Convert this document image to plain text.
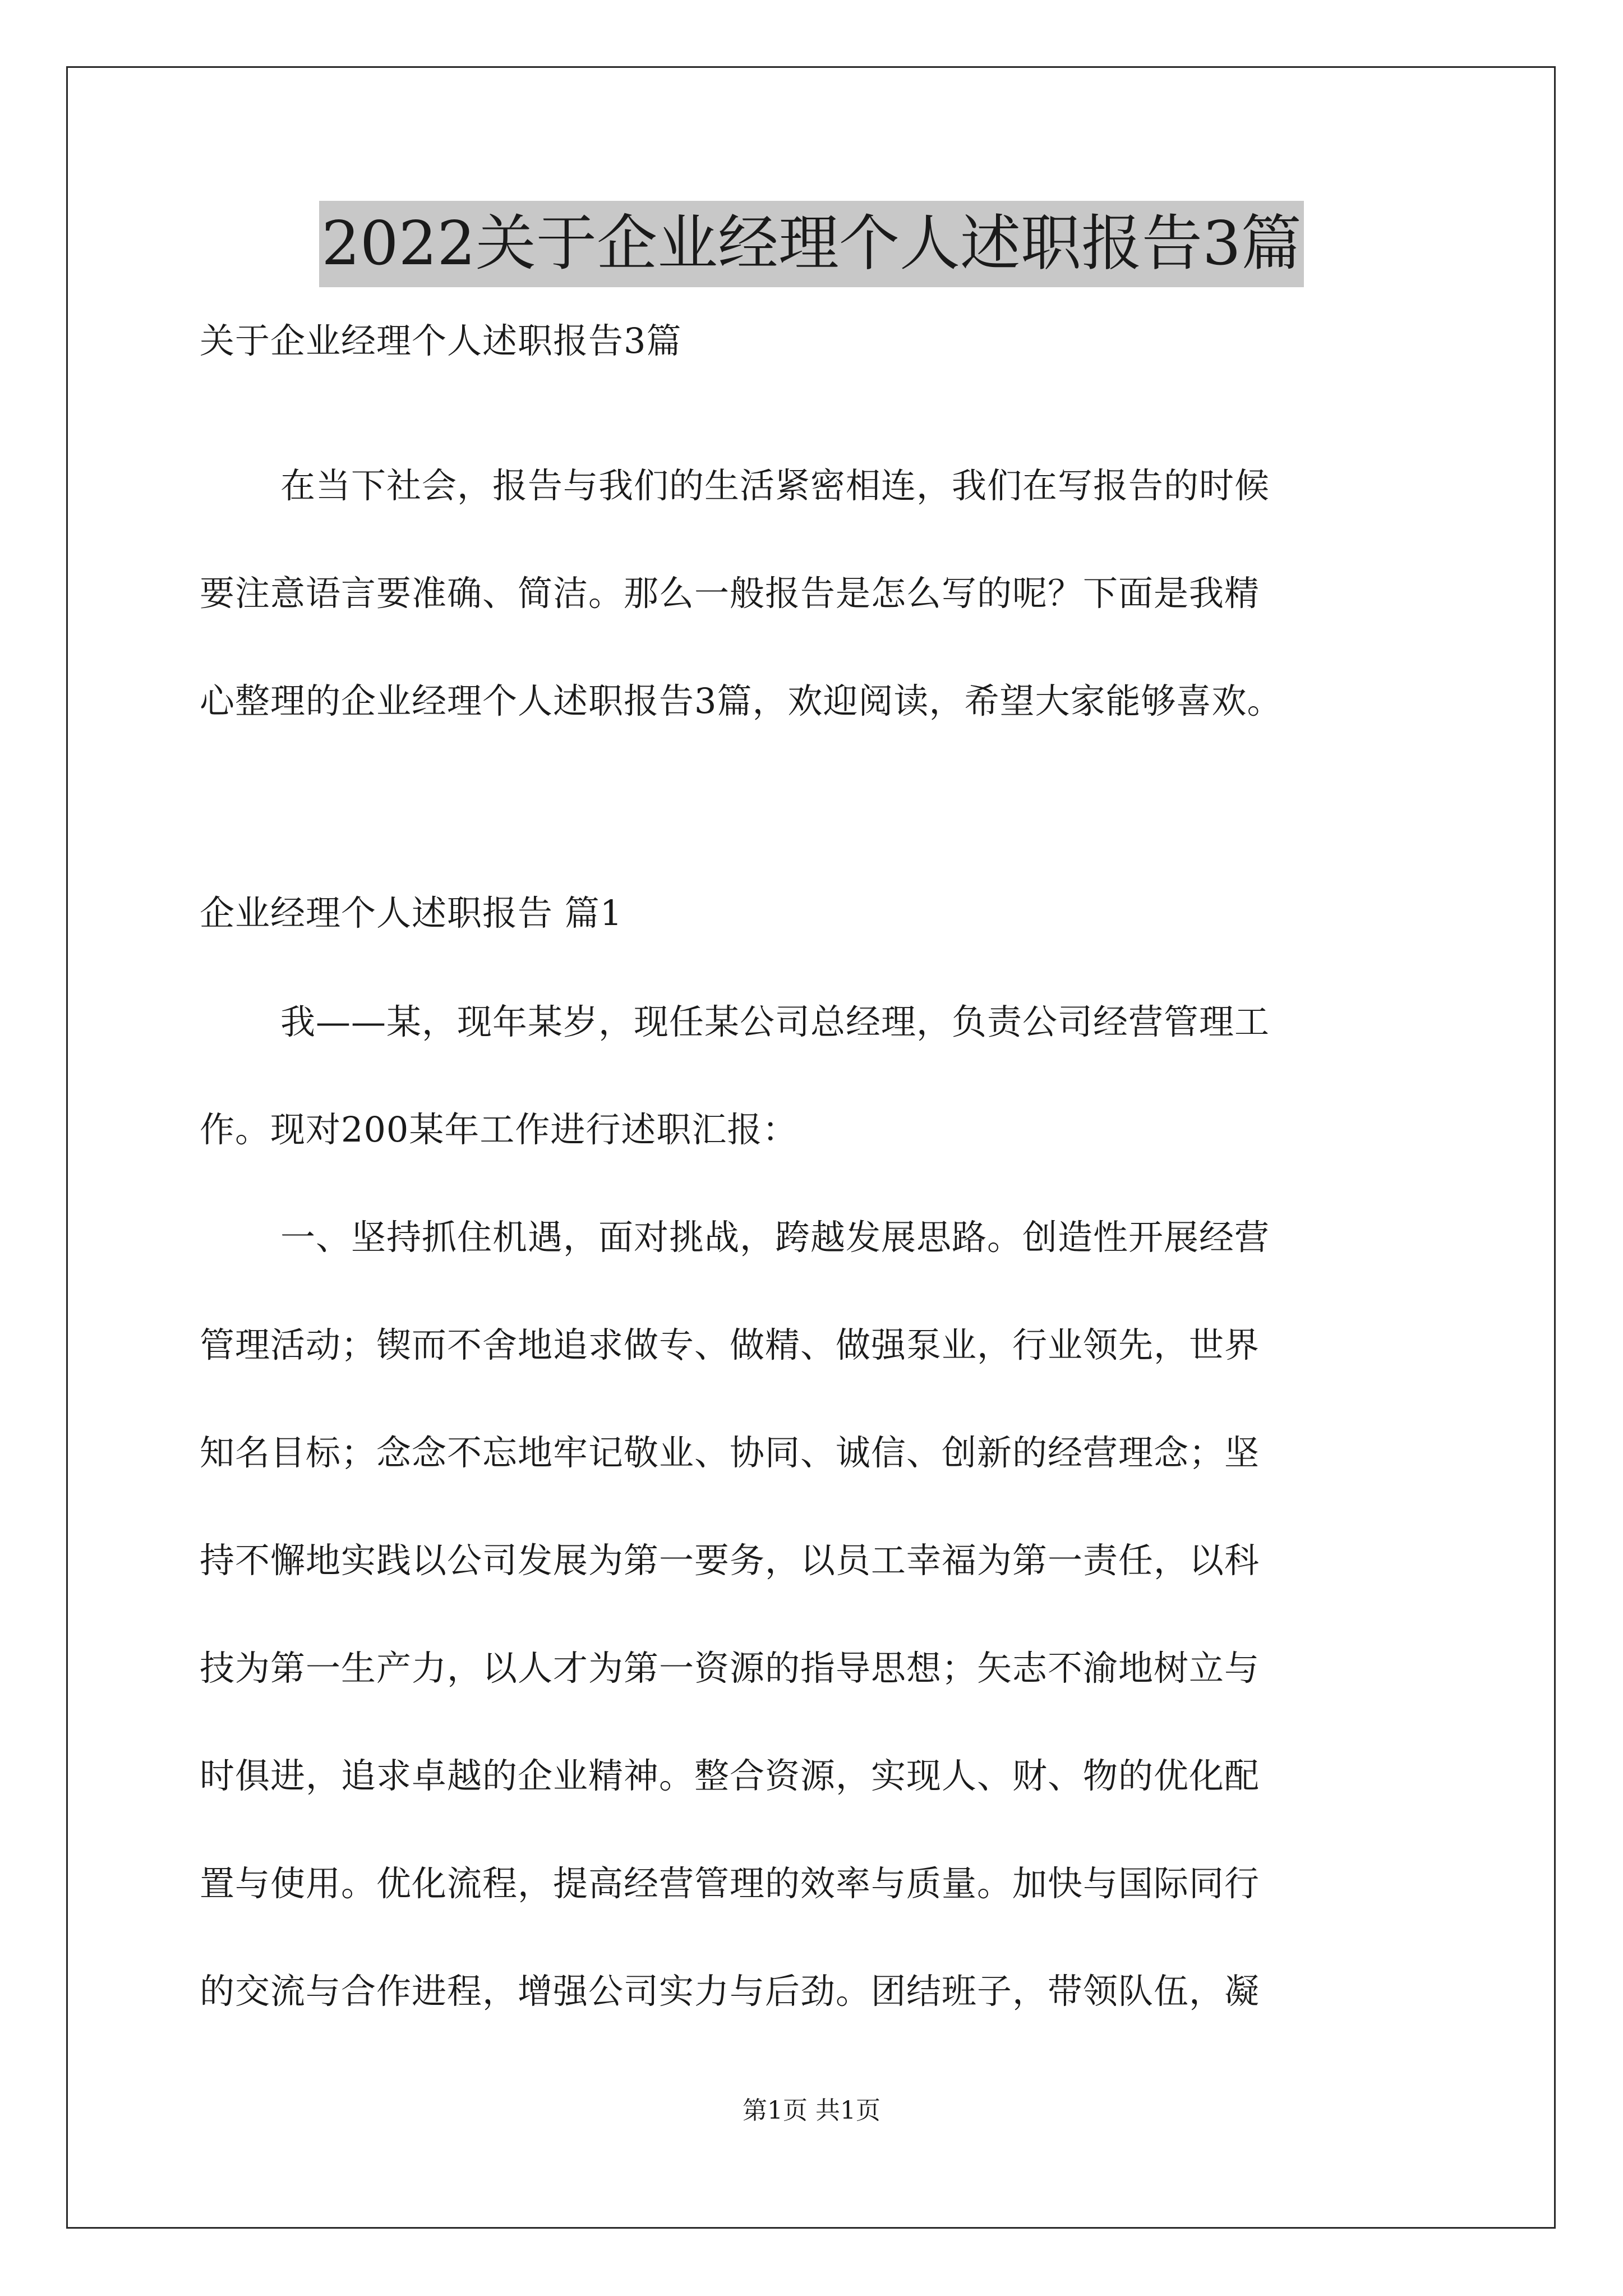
2022关于企业经理个人述职报告3篇
关于企业经理个人述职报告3篇
在当下社会，报告与我们的生活紧密相连，我们在写报告的时候
要注意语言要准确、简洁。那么一般报告是怎么写的呢？下面是我精
心整理的企业经理个人述职报告3篇，欢迎阅读，希望大家能够喜欢。
企业经理个人述职报告 篇1
我——某，现年某岁，现任某公司总经理，负责公司经营管理工
作。现对200某年工作进行述职汇报：
一、坚持抓住机遇，面对挑战，跨越发展思路。创造性开展经营
管理活动；锲而不舍地追求做专、做精、做强泵业，行业领先，世界
知名目标；念念不忘地牢记敬业、协同、诚信、创新的经营理念；坚
持不懈地实践以公司发展为第一要务，以员工幸福为第一责任，以科
技为第一生产力，以人才为第一资源的指导思想；矢志不渝地树立与
时俱进，追求卓越的企业精神。整合资源，实现人、财、物的优化配
置与使用。优化流程，提高经营管理的效率与质量。加快与国际同行
的交流与合作进程，增强公司实力与后劲。团结班子，带领队伍，凝
第1页 共1页
